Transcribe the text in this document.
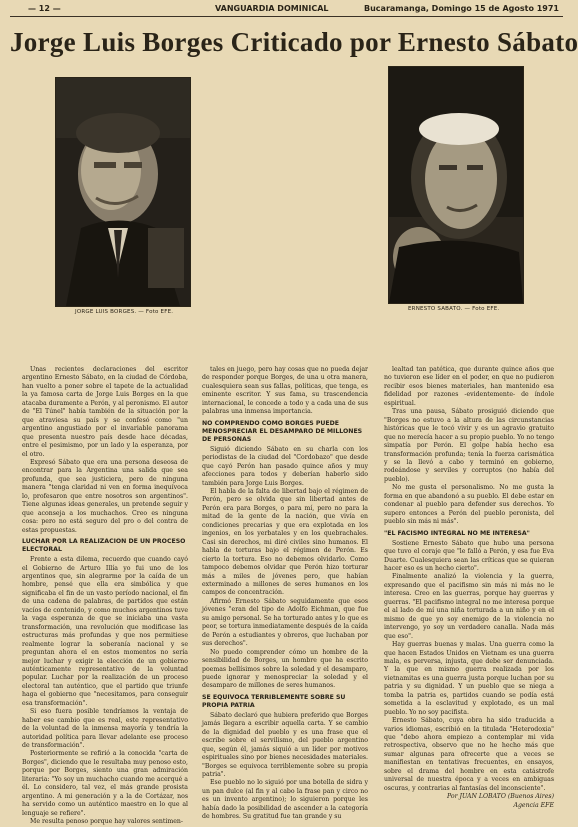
— 12 —	VANGUARDIA DOMINICAL	Bucaramanga, Domingo 15 de Agosto 1971
Jorge Luis Borges Criticado por Ernesto Sábato
JORGE LUIS BORGES. — Foto EFE.	ERNESTO SABATO. — Foto EFE.

Unas recientes declaraciones del escritor argentino Ernesto Sábato, en la ciudad de Córdoba, han vuelto a poner sobre el tapete de la actualidad la ya famosa carta de Jorge Luis Borges en la que atacaba duramente a Perón, y al peronismo. El autor de "El Túnel" había también de la situación por la que atraviesa su país y se confesó como "un argentino angustiado por el invariable panorama que presenta nuestro país desde hace décadas, entre el pesimismo, por un lado y la esperanza, por el otro.

Expresó Sábato que era una persona deseosa de encontrar para la Argentina una salida que sea profunda, que sea justiciera, pero de ninguna manera "tenga claridad ni ven en forma inequívoca lo, profesaron que entre nosotros son argentinos". Tiene algunas ideas generales, un pretende seguir y que aconseja a los muchachos. Creo es ninguna cosa: pero no está seguro del pro o del contra de estas propuestas.

LUCHAR POR LA REALIZACION DE UN PROCESO ELECTORAL

Frente a esta dilema, recuerdo que cuando cayó el Gobierno de Arturo Illía yo fui uno de los argentinos que, sin alegrarme por la caída de un hombre, pensé que ella era simbólica y que significaba el fin de un vasto período nacional, el fin de una cadena de palabras, de partidos que están vacíos de contenido, y como muchos argentinos tuve la vaga esperanza de que se iniciaba una vasta transformación, una revolución que modificase las estructuras más profundas y que nos permitiese realmente lograr la soberanía nacional y se preguntan ahora el en estos momentos no sería mejor luchar y exigir la elección de un gobierno auténticamente representativo de la voluntad popular. Luchar por la realización de un proceso electoral tan auténtico, que el partido que triunfe haga el gobierno que "necesitamos, para conseguir esa transformación".

Si eso fuera posible tendríamos la ventaja de haber ese cambio que es real, este representativo de la voluntad de la inmensa mayoría y tendría la autoridad política para llevar adelante ese proceso de transformación".

Posteriormente se refirió a la conocida "carta de Borges", diciendo que le resultaba muy penoso esto, porque por Borges, siento una gran admiración literaria: "Yo soy un muchacho cuando me acerqué a él. Lo considero, tal vez, el más grande prosista argentino. A mi generación y a la de Cortázar, nos ha servido como un auténtico maestro en lo que al lenguaje se refiere".

Me resulta penoso porque hay valores sentimen-

tales en juego, pero hay cosas que no pueda dejar de responder porque Borges, de una u otra manera, cualesquiera sean sus fallas, políticas, que tenga, es eminente escritor. Y sus fama, su trascendencia internacional, le concede a todo y a cada una de sus palabras una inmensa importancia.

NO COMPRENDO COMO BORGES PUEDE MENOSPRECIAR EL DESAMPARO DE MILLONES DE PERSONAS

Siguió diciendo Sábato en su charla con los periodistas de la ciudad del "Cordobazo" que desde que cayó Perón han pasado quince años y muy afecciones para todos y deberían haberlo sido también para Jorge Luis Borges.

El habla de la falta de libertad bajo el régimen de Perón, pero se olvida que sin libertad antes de Perón era para Borges, o para mí, pero no para la mitad de la gente de la nación, que vivía en condiciones precarias y que era explotada en los ingenios, en los yerbatales y en los quebrachales. Casi sin derechos, mi diré civiles sino humanos. El habla de torturas bajo el régimen de Perón. Es cierto la tortura. Eso no debemos olvidarlo. Como tampoco debemos olvidar que Perón hizo torturar más a miles de jóvenes pero, que habían exterminado a millones de seres humanos en los campos de concentración.

Afirmó Ernesto Sábato seguidamente que esos jóvenes "eran del tipo de Adolfo Eichman, que fue su amigo personal. Se ha torturado antes y lo que es peor, se tortura inmediatamente después de la caída de Perón a estudiantes y obreros, que luchaban por sus derechos".

No puedo comprender cómo un hombre de la sensibilidad de Borges, un hombre que ha escrito poemas bellísimos sobre la soledad y el desamparo, puede ignorar y menospreciar la soledad y el desamparo de millones de seres humanos.

SE EQUIVOCA TERRIBLEMENTE SOBRE SU PROPIA PATRIA

Sábato declaró que hubiera preferido que Borges jamás llegara a escribir aquella carta. Y se cambio de la dignidad del pueblo y es una frase que el escribe sobre el servilismo, del pueblo argentino que, según él, jamás siquió a un líder por motivos espirituales sino por bienes necesidades materiales. "Borges se equivoca terriblemente sobre su propia patria".

Ese pueblo no lo siguió por una botella de sidra y un pan dulce (al fin y al cabo la frase pan y circo no es un invento argentino); lo siguieron porque les había dado la posibilidad de ascender a la categoría de hombres. Su gratitud fue tan grande y su

lealtad tan patética, que durante quince años que no tuvieron ese líder en el poder, en que no pudieron recibir esos bienes materiales, han mantenido esa fidelidad por razones -evidentemente- de índole espiritual.

Tras una pausa, Sábato prosiguió diciendo que "Borges no estuvo a la altura de las circunstancias históricas que le tocó vivir y es un agravio gratuito que no merecía hacer a su propio pueblo. Yo no tengo simpatía por Perón. El golpe había hecho esa transformación profunda; tenía la fuerza carismática y se la llevó a cabo y terminó en gobierno, rodeándose y serviles y corruptos (no había del pueblo).

No me gusta el personalismo. No me gusta la forma en que abandonó a su pueblo. El debe estar en condenar al pueblo para defender sus derechos. Yo supero entonces a Perón del pueblo peronista, del pueblo sin más ni más".

"EL FACISMO INTEGRAL NO ME INTERESA"

Sostiene Ernesto Sábato que hubo una persona que tuvo el coraje que "le falló a Perón, y esa fue Eva Duarte. Cualesquiera sean las críticas que se quieran hacer eso es un hecho cierto".

Finalmente analizó la violencia y la guerra, expresando que el pacifismo sin más ni más no le interesa. Creo en las guerras, porque hay guerras y guerras. "El pacifismo integral no me interesa porque el al lado de mí una niña torturada a un niño y en el mismo de que yo soy enemigo de la violencia no intervengo, yo soy un verdadero canalla. Nada más que eso".

Hay guerras buenas y malas. Una guerra como la que hacen Estados Unidos en Vietnam es una guerra mala, es perversa, injusta, que debe ser denunciada. Y la que en mismo guerra realizada por los vietnamitas es una guerra justa porque luchan por su patria y su dignidad. Y un pueblo que se niega a tomba la patria es, partidos cuando se podía está sometida a la esclavitud y explotado, es un mal pueblo. Yo no soy pacifista.

Ernesto Sábato, cuya obra ha sido traducida a varios idiomas, escribió en la titulada "Heterodoxia" que "debo ahora empiezo a contemplar mi vida retrospectiva, observo que no he hecho más que sumar algunas para ofrecerte que a veces se manifiestan en tentativas frecuentes, en ensayos, sobre el drama del hombre en esta catástrofe universal de nuestra época y a veces en ambiguas oscuras, y contrarias al fantasías del inconsciente".

Por JUAN LOBATO (Buenos Aires)

Agencia EFE
